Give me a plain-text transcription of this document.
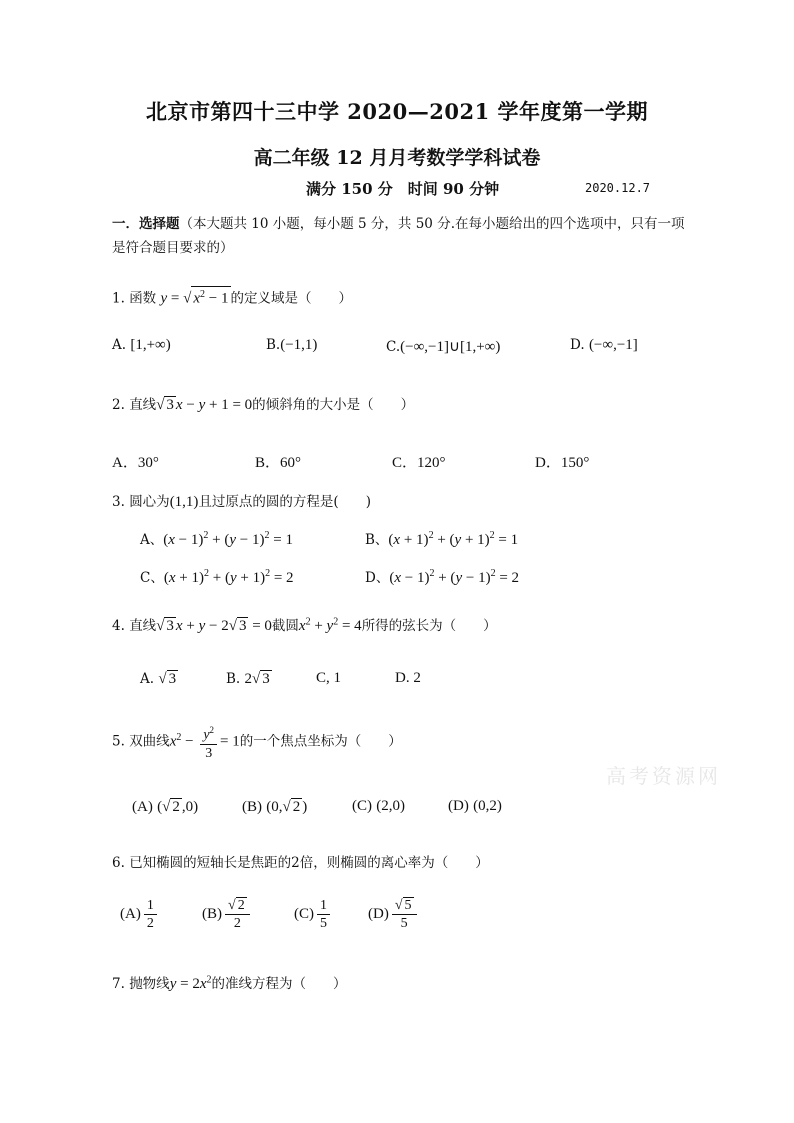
北京市第四十三中学 2020—2021 学年度第一学期
高二年级 12 月月考数学学科试卷
满分 150 分　时间 90 分钟	2020.12.7
一．选择题（本大题共 10 小题，每小题 5 分，共 50 分.在每小题给出的四个选项中，只有一项是符合题目要求的）
1. 函数 y = √ $x^2 - 1$ 的定义域是（　　）
A. [1,+∞)	B.(−1,1)	C.(−∞,−1]∪[1,+∞)	D. (−∞,−1]
2. 直线√ 3 x − y + 1 = 0的倾斜角的大小是（　　）
A．30°	B．60°	C．120°	D．150°
3. 圆心为(1,1)且过原点的圆的方程是(　　)
A、$(x - 1)^2 + (y - 1)^2 = 1$	B、$(x + 1)^2 + (y + 1)^2 = 1$
C、$(x + 1)^2 + (y + 1)^2 = 2$	D、$(x - 1)^2 + (y - 1)^2 = 2$
4. 直线√ 3 x + y − 2√ 3 = 0截圆$x^2 + y^2 = 4$所得的弦长为（　　）
A. √ 3	B. 2√ 3	C, 1	D. 2
5. 双曲线$x^2 - \frac{y^2}{3} = 1$的一个焦点坐标为（　　）
(A) (√ 2 ,0)	(B) (0,√ 2 )	(C) (2,0)	(D) (0,2)
6. 已知椭圆的短轴长是焦距的2倍，则椭圆的离心率为（　　）
$(A) \frac{1}{2}$	$(B) \frac{√ 2}{2}$	$(C) \frac{1}{5}$	$(D) \frac{√ 5}{5}$
7. 抛物线$y = 2x^2$的准线方程为（　　）
高考资源网
